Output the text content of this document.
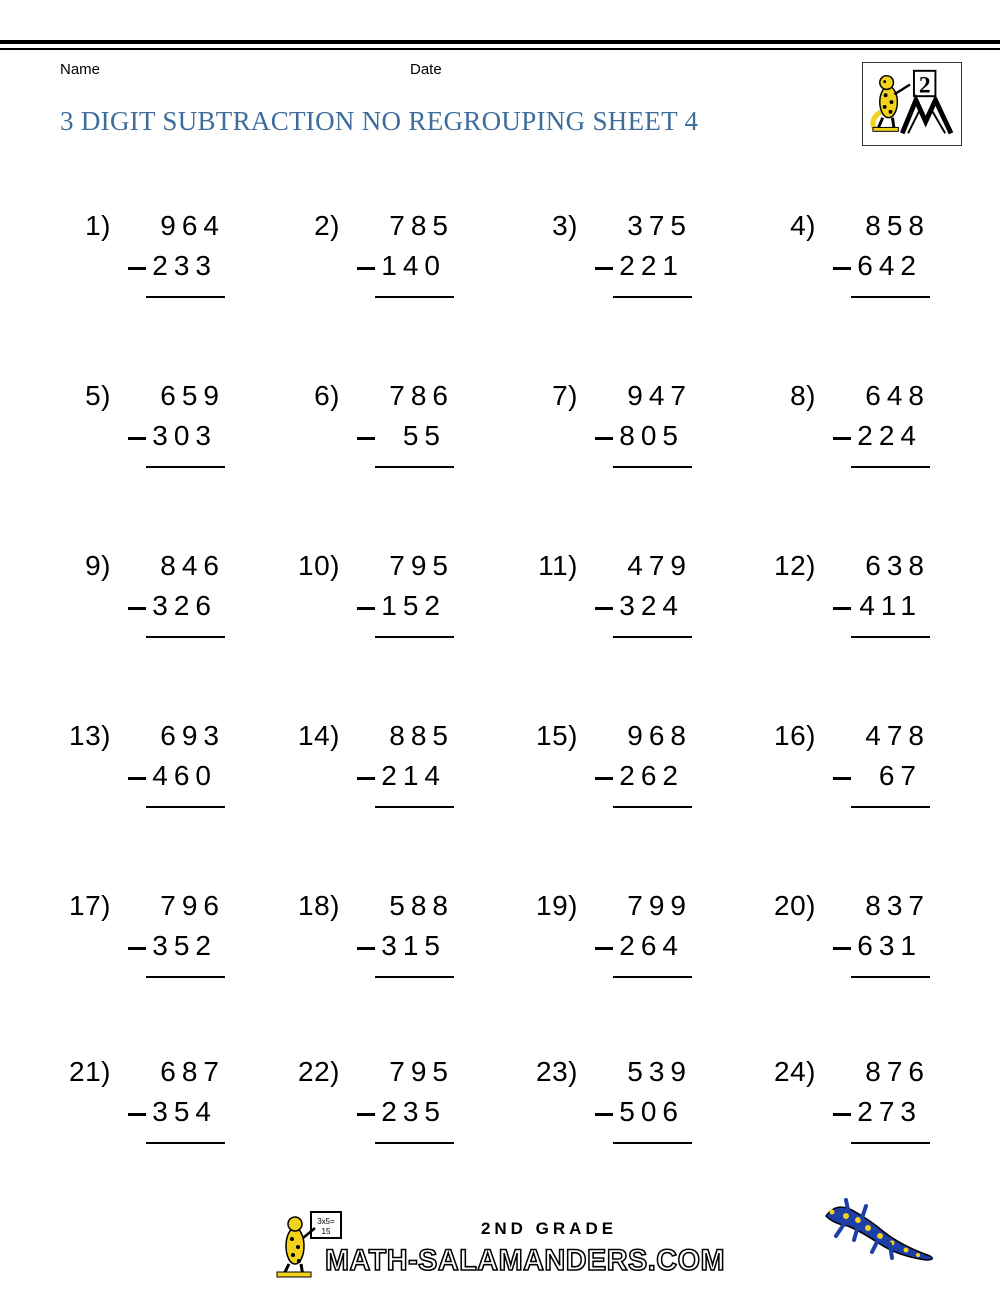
Name	Date
3 DIGIT SUBTRACTION NO REGROUPING SHEET 4
2
1) 964
233
2) 785
140
3) 375
221
4) 858
642
5) 659
303
6) 786
55
7) 947
805
8) 648
224
9) 846
326
10) 795
152
11) 479
324
12) 638
411
13) 693
460
14) 885
214
15) 968
262
16) 478
67
17) 796
352
18) 588
315
19) 799
264
20) 837
631
21) 687
354
22) 795
235
23) 539
506
24) 876
273
3x5=
15	2ND GRADE
MATH-SALAMANDERS.COM
